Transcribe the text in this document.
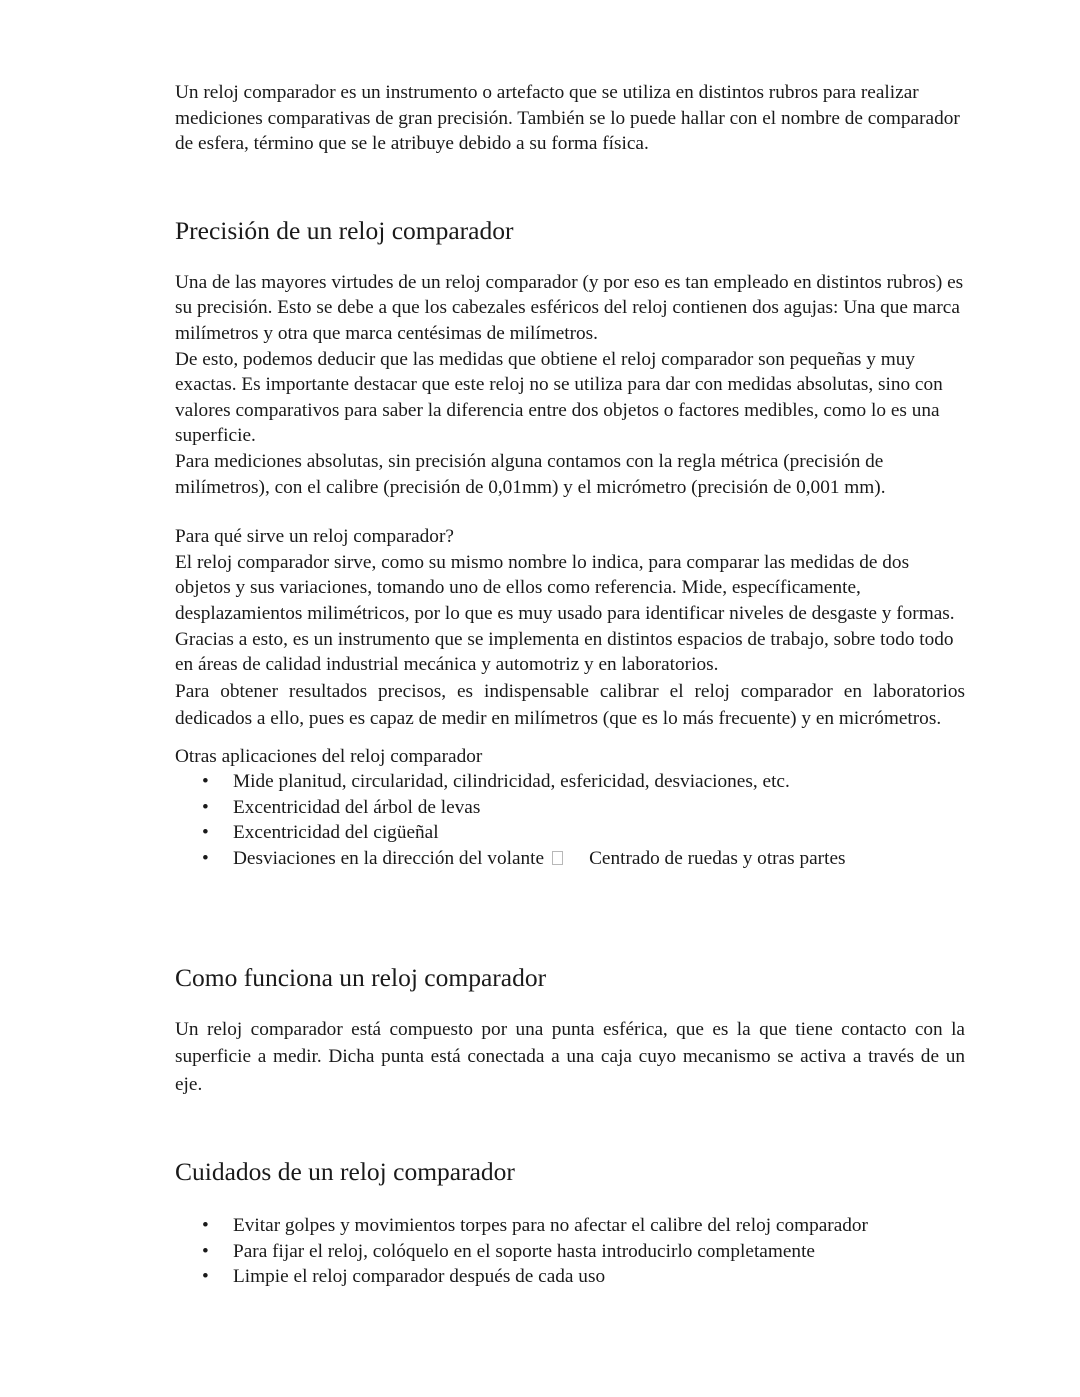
Un reloj comparador es un instrumento o artefacto que se utiliza en distintos rubros para realizar mediciones comparativas de gran precisión. También se lo puede hallar con el nombre de comparador de esfera, término que se le atribuye debido a su forma física.

Precisión de un reloj comparador

Una de las mayores virtudes de un reloj comparador (y por eso es tan empleado en distintos rubros) es su precisión. Esto se debe a que los cabezales esféricos del reloj contienen dos agujas: Una que marca milímetros y otra que marca centésimas de milímetros.

De esto, podemos deducir que las medidas que obtiene el reloj comparador son pequeñas y muy exactas. Es importante destacar que este reloj no se utiliza para dar con medidas absolutas, sino con valores comparativos para saber la diferencia entre dos objetos o factores medibles, como lo es una superficie.

Para mediciones absolutas, sin precisión alguna contamos con la regla métrica (precisión de milímetros), con el calibre (precisión de 0,01mm) y el micrómetro (precisión de 0,001 mm).

Para qué sirve un reloj comparador?

El reloj comparador sirve, como su mismo nombre lo indica, para comparar las medidas de dos objetos y sus variaciones, tomando uno de ellos como referencia. Mide, específicamente, desplazamientos milimétricos, por lo que es muy usado para identificar niveles de desgaste y formas. Gracias a esto, es un instrumento que se implementa en distintos espacios de trabajo, sobre todo todo en áreas de calidad industrial mecánica y automotriz y en laboratorios.

Para obtener resultados precisos, es indispensable calibrar el reloj comparador en laboratorios dedicados a ello, pues es capaz de medir en milímetros (que es lo más frecuente) y en micrómetros.

Otras aplicaciones del reloj comparador

• Mide planitud, circularidad, cilindricidad, esfericidad, desviaciones, etc.
• Excentricidad del árbol de levas
• Excentricidad del cigüeñal
• Desviaciones en la dirección del volante Centrado de ruedas y otras partes
Como funciona un reloj comparador

Un reloj comparador está compuesto por una punta esférica, que es la que tiene contacto con la superficie a medir. Dicha punta está conectada a una caja cuyo mecanismo se activa a través de un eje.

Cuidados de un reloj comparador
• Evitar golpes y movimientos torpes para no afectar el calibre del reloj comparador
• Para fijar el reloj, colóquelo en el soporte hasta introducirlo completamente
• Limpie el reloj comparador después de cada uso
